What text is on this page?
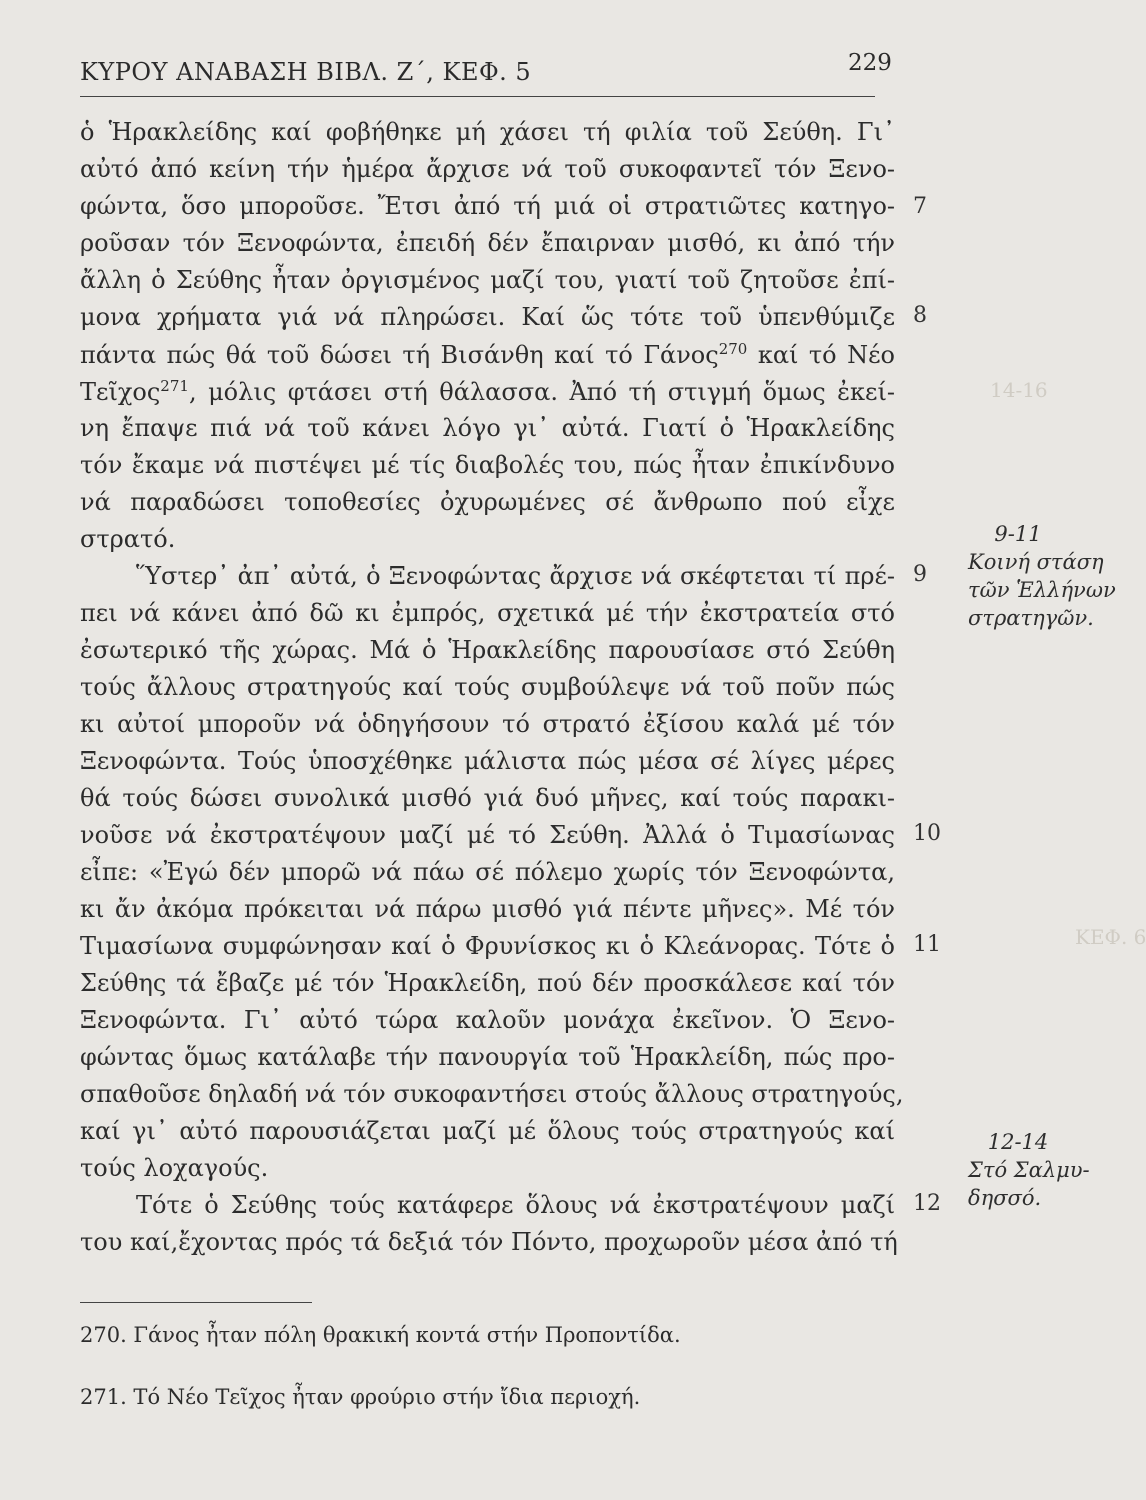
ΚΥΡΟΥ ΑΝΑΒΑΣΗ ΒΙΒΛ. Ζ΄, ΚΕΦ. 5	229
14-16
ΚΕΦ. 6
ὁ Ἡρακλείδης καί φοβήθηκε μή χάσει τή φιλία τοῦ Σεύθη. Γι᾽
αὐτό ἀπό κείνη τήν ἡμέρα ἄρχισε νά τοῦ συκοφαντεῖ τόν Ξενο-
φώντα, ὅσο μποροῦσε. Ἔτσι ἀπό τή μιά οἱ στρατιῶτες κατηγο-
ροῦσαν τόν Ξενοφώντα, ἐπειδή δέν ἔπαιρναν μισθό, κι ἀπό τήν
ἄλλη ὁ Σεύθης ἦταν ὀργισμένος μαζί του, γιατί τοῦ ζητοῦσε ἐπί-
μονα χρήματα γιά νά πληρώσει. Καί ὥς τότε τοῦ ὑπενθύμιζε
πάντα πώς θά τοῦ δώσει τή Βισάνθη καί τό Γάνος$^{270}$ καί τό Νέο
Τεῖχος$^{271}$, μόλις φτάσει στή θάλασσα. Ἀπό τή στιγμή ὅμως ἐκεί-
νη ἔπαψε πιά νά τοῦ κάνει λόγο γι᾽ αὐτά. Γιατί ὁ Ἡρακλείδης
τόν ἔκαμε νά πιστέψει μέ τίς διαβολές του, πώς ἦταν ἐπικίνδυνο
νά παραδώσει τοποθεσίες ὀχυρωμένες σέ ἄνθρωπο πού εἶχε
στρατό.
Ὕστερ᾽ ἀπ᾽ αὐτά, ὁ Ξενοφώντας ἄρχισε νά σκέφτεται τί πρέ-
πει νά κάνει ἀπό δῶ κι ἐμπρός, σχετικά μέ τήν ἐκστρατεία στό
ἐσωτερικό τῆς χώρας. Μά ὁ Ἡρακλείδης παρουσίασε στό Σεύθη
τούς ἄλλους στρατηγούς καί τούς συμβούλεψε νά τοῦ ποῦν πώς
κι αὐτοί μποροῦν νά ὁδηγήσουν τό στρατό ἐξίσου καλά μέ τόν
Ξενοφώντα. Τούς ὑποσχέθηκε μάλιστα πώς μέσα σέ λίγες μέρες
θά τούς δώσει συνολικά μισθό γιά δυό μῆνες, καί τούς παρακι-
νοῦσε νά ἐκστρατέψουν μαζί μέ τό Σεύθη. Ἀλλά ὁ Τιμασίωνας
εἶπε: «Ἐγώ δέν μπορῶ νά πάω σέ πόλεμο χωρίς τόν Ξενοφώντα,
κι ἄν ἀκόμα πρόκειται νά πάρω μισθό γιά πέντε μῆνες». Μέ τόν
Τιμασίωνα συμφώνησαν καί ὁ Φρυνίσκος κι ὁ Κλεάνορας. Τότε ὁ
Σεύθης τά ἔβαζε μέ τόν Ἡρακλείδη, πού δέν προσκάλεσε καί τόν
Ξενοφώντα. Γι᾽ αὐτό τώρα καλοῦν μονάχα ἐκεῖνον. Ὁ Ξενο-
φώντας ὅμως κατάλαβε τήν πανουργία τοῦ Ἡρακλείδη, πώς προ-
σπαθοῦσε δηλαδή νά τόν συκοφαντήσει στούς ἄλλους στρατηγούς,
καί γι᾽ αὐτό παρουσιάζεται μαζί μέ ὅλους τούς στρατηγούς καί
τούς λοχαγούς.
Τότε ὁ Σεύθης τούς κατάφερε ὅλους νά ἐκστρατέψουν μαζί
του καί,ἔχοντας πρός τά δεξιά τόν Πόντο, προχωροῦν μέσα ἀπό τή
7
8
9
10
11
12
9-11
Κοινή στάση
τῶν Ἑλλήνων
στρατηγῶν.
12-14
Στό Σαλμυ-
δησσό.
270. Γάνος ἦταν πόλη θρακική κοντά στήν Προποντίδα.
271. Τό Νέο Τεῖχος ἦταν φρούριο στήν ἴδια περιοχή.
